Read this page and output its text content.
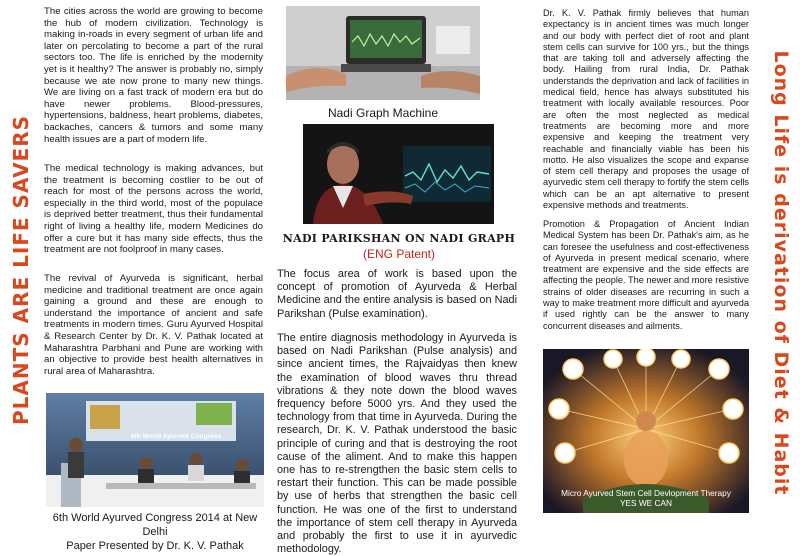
PLANTS ARE LIFE SAVERS

The cities across the world are growing to become the hub of modern civilization. Technology is making in-roads in every segment of urban life and later on percolating to become a part of the rural sectors too. The life is enriched by the modernity yet is it healthy? The answer is probably no, simply because we ate now prone to many new things. We are living on a fast track of modern era but do have newer problems. Blood-pressures, hypertensions, baldness, heart problems, diabetes, backaches, cancers & tumors and some many health issues are a part of modern life.

The medical technology is making advances, but the treatment is becoming costlier to be out of reach for most of the persons across the world, especially in the third world, most of the populace is deprived better treatment, thus their fundamental right of living a healthy life, modern Medicines do offer a cure but it has many side effects, thus the treatment are not foolproof in many cases.

The revival of Ayurveda is significant, herbal medicine and traditional treatment are once again gaining a ground and these are enough to understand the importance of ancient and safe treatments in modern times. Guru Ayurved Hospital & Research Center by Dr. K. V. Pathak located at Maharashtra Parbhani and Pune are working with an objective to provide best health alternatives in rural area of Maharashtra.

6th World Ayurved Congress
6th World Ayurved Congress 2014 at New Delhi
Paper Presented by Dr. K. V. Pathak
Nadi Graph Machine
NADI PARIKSHAN ON NADI GRAPH
(ENG Patent)

The focus area of work is based upon the concept of promotion of Ayurveda & Herbal Medicine and the entire analysis is based on Nadi Parikshan (Pulse examination).

The entire diagnosis methodology in Ayurveda is based on Nadi Parikshan (Pulse analysis) and since ancient times, the Rajvaidyas then knew the examination of blood waves thru thread vibrations & they note down the blood waves frequency before 5000 yrs. And they used the technology from that time in Ayurveda. During the research, Dr. K. V. Pathak understood the basic principle of curing and that is destroying the root cause of the aliment. And to make this happen one has to re-strengthen the basic stem cells to restart their function. This can be made possible by use of herbs that strengthen the basic cell function. He was one of the first to understand the importance of stem cell therapy in Ayurveda and probably the first to use it in ayurvedic methodology.

Dr. K. V. Pathak firmly believes that human expectancy is in ancient times was much longer and our body with perfect diet of root and plant stem cells can survive for 100 yrs., but the things that are taking toll and adversely affecting the body. Hailing from rural India, Dr. Pathak understands the deprivation and lack of facilities in medical field, hence has always substituted his treatment with locally available resources. Poor are often the most neglected as medical treatments are becoming more and more expensive and keeping the treatment very reachable and financially viable has been his motto. He also visualizes the scope and expanse of stem cell therapy and proposes the usage of ayurvedic stem cell therapy to fortify the stem cells which can be an apt alternative to present expensive methods and treatments.

Promotion & Propagation of Ancient Indian Medical System has been Dr. Pathak's aim, as he can foresee the usefulness and cost-effectiveness of Ayurveda in present medical scenario, where treatment are expensive and the side effects are affecting the people. The newer and more resistive strains of older diseases are recurring in such a way to make treatment more difficult and ayurveda if used rightly can be the answer to many concurrent diseases and ailments.

Micro Ayurved Stem Cell Devlopment Therapy
YES WE CAN
Long Life is derivation of Diet & Habit
